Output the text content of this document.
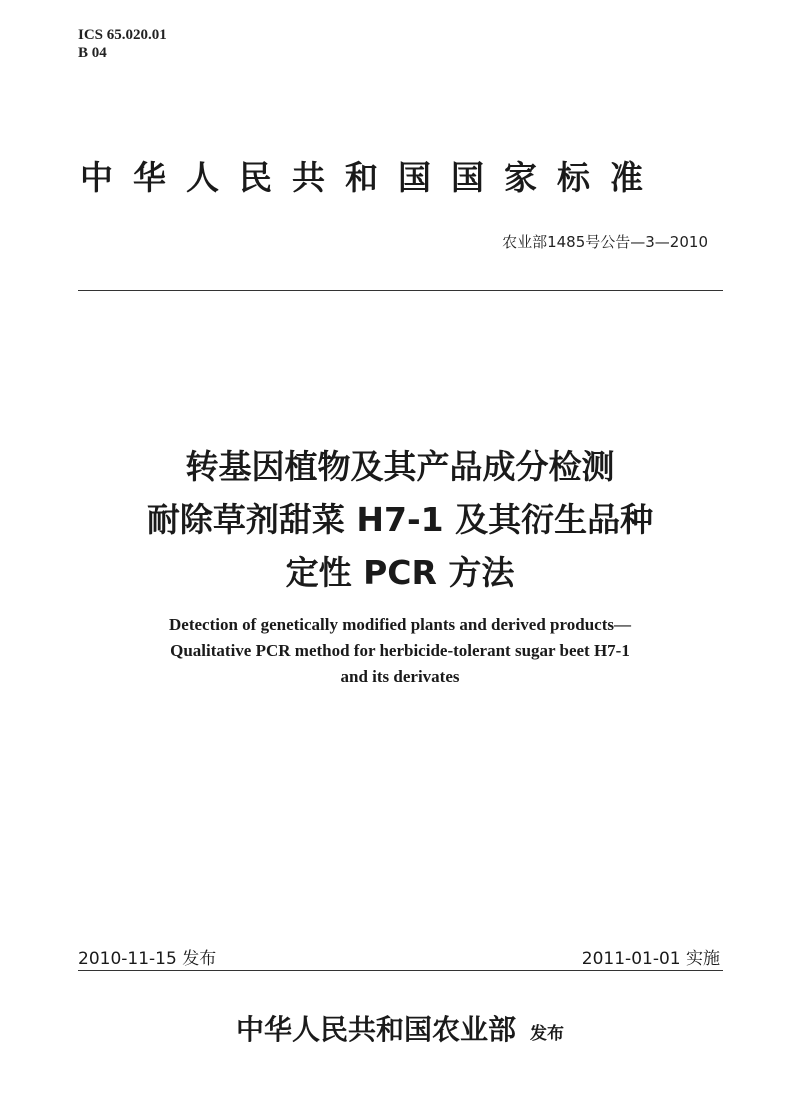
ICS 65.020.01
B 04
中华人民共和国国家标准
农业部1485号公告—3—2010
转基因植物及其产品成分检测
耐除草剂甜菜 H7-1 及其衍生品种
定性 PCR 方法
Detection of genetically modified plants and derived products—
Qualitative PCR method for herbicide-tolerant sugar beet H7-1
and its derivates
2010-11-15 发布	2011-01-01 实施
中华人民共和国农业部 发布
